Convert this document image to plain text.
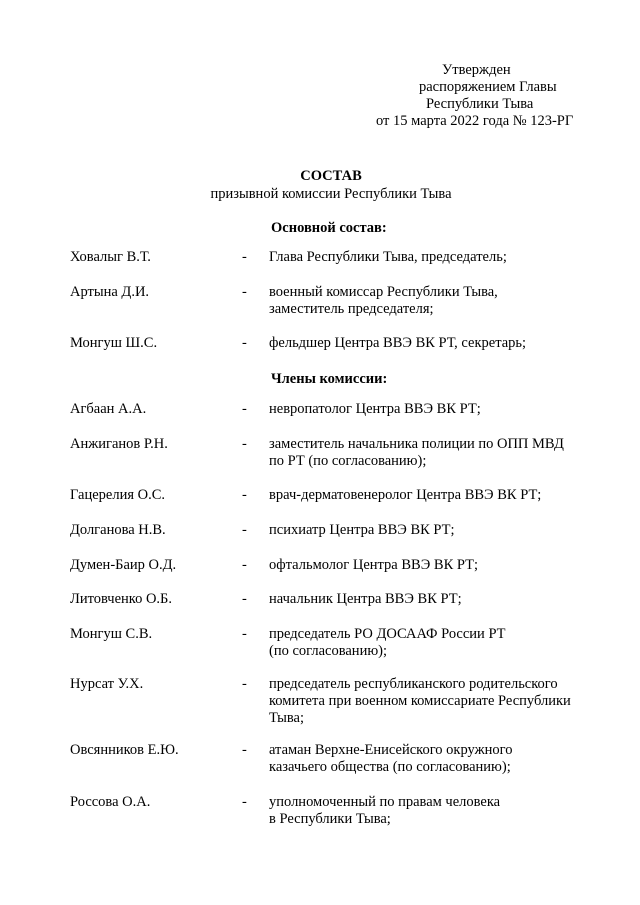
Утвержден
распоряжением Главы
Республики Тыва
от 15 марта 2022 года № 123-РГ
СОСТАВ
призывной комиссии Республики Тыва
Основной состав:
Ховалыг В.Т.	- Глава Республики Тыва, председатель;
Артына Д.И.	- военный комиссар Республики Тыва,
заместитель председателя;
Монгуш Ш.С.	- фельдшер Центра ВВЭ ВК РТ, секретарь;
Члены комиссии:
Агбаан А.А.	- невропатолог Центра ВВЭ ВК РТ;
Анжиганов Р.Н.	- заместитель начальника полиции по ОПП МВД
по РТ (по согласованию);
Гацерелия О.С.	- врач-дерматовенеролог Центра ВВЭ ВК РТ;
Долганова Н.В.	- психиатр Центра ВВЭ ВК РТ;
Думен-Баир О.Д.	- офтальмолог Центра ВВЭ ВК РТ;
Литовченко О.Б.	- начальник Центра ВВЭ ВК РТ;
Монгуш С.В.	- председатель РО ДОСААФ России РТ
(по согласованию);
Нурсат У.Х.	- председатель республиканского родительского
комитета при военном комиссариате Республики
Тыва;
Овсянников Е.Ю.	- атаман Верхне-Енисейского окружного
казачьего общества (по согласованию);
Россова О.А.	- уполномоченный по правам человека
в Республики Тыва;
